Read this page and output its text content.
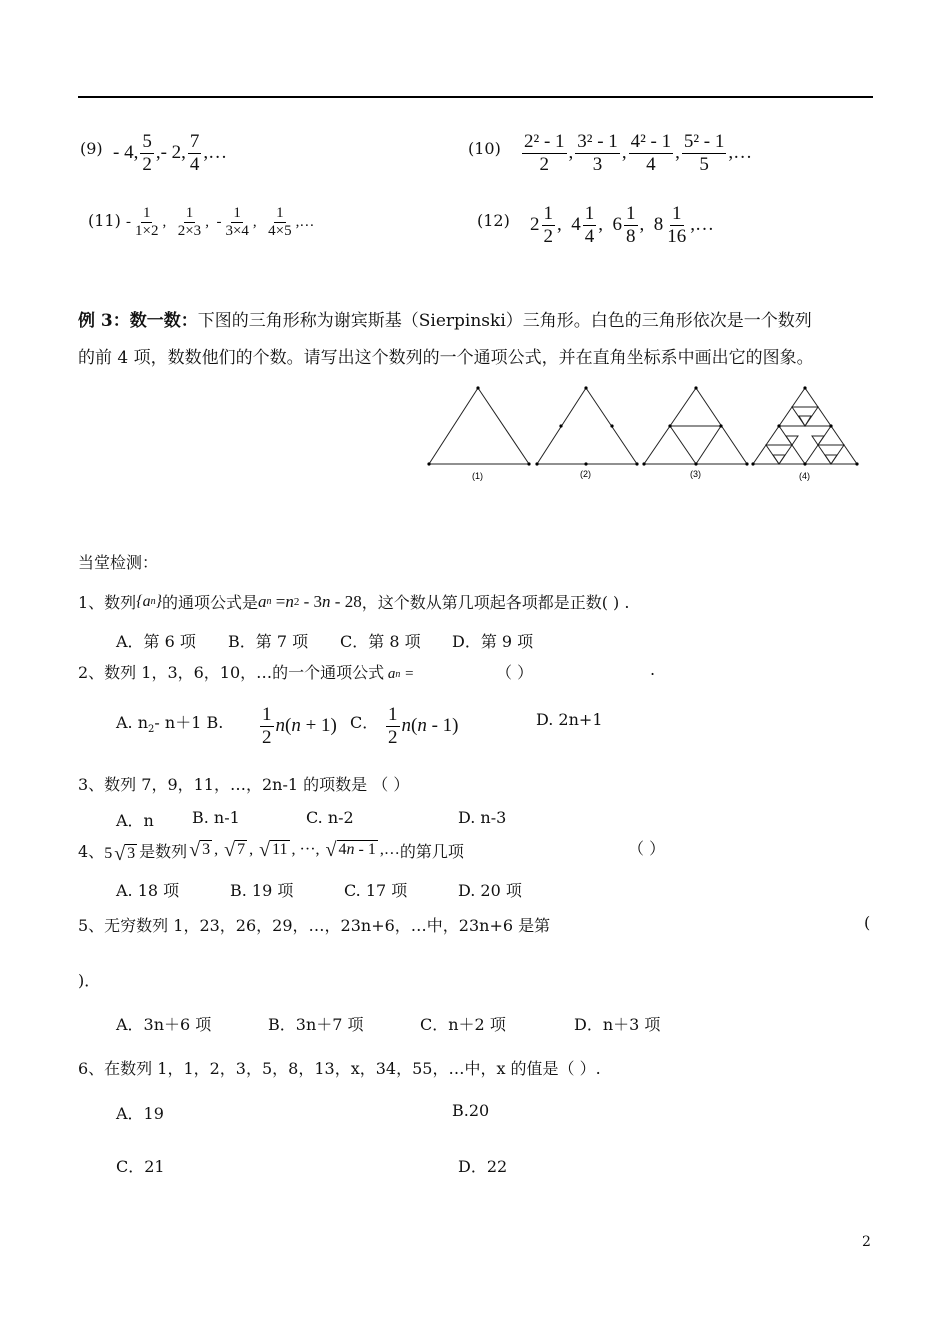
(9) - 4, $\frac{5}{2}$ ,- 2, $\frac{7}{4}$ ,…	$(10) \frac{\text{2² - 1}}{2}$ , $\frac{\text{3² - 1}}{3}$ , $\frac{\text{4² - 1}}{4}$ , $\frac{\text{5² - 1}}{5}$ ,…
$(11) - \frac{1}{1\times 2}$ , $\frac{1}{2\times 3}$ ,  - $\frac{1}{3\times 4}$ , $\frac{1}{4\times 5}$ ,…	(12) $2 \frac{1}{2}$ , $4 \frac{1}{4}$ , $6 \frac{1}{8}$ , $8 \frac{1}{16}$ ,…
例 3：数一数：下图的三角形称为谢宾斯基（Sierpinski）三角形。白色的三角形依次是一个数列
的前 4 项，数数他们的个数。请写出这个数列的一个通项公式，并在直角坐标系中画出它的图象。
(1)	(2)	(3)	(4)
当堂检测：
1、数列 {a n } 的通项公式是 a n = n 2 - 3 n - 28 ，这个数从第几项起各项都是正数( ) .
A．第 6 项 B．第 7 项 C．第 8 项 D．第 9 项
2、数列 1，3，6，10，…的一个通项公式 a n =	（ ）	.
A. $n_2-$ n＋1 B. $\frac{1}{2}$ n ( n + 1) C． $\frac{1}{2}$ n ( n - 1)	D. 2n+1
3、数列 7，9，11，…，2n-1 的项数是 （ ）
A．n B. n-1	C. n-2	D. n-3
4、 5 √ 3 是数列 √ 3 , √ 7 , √ 11 , ···, √ 4n - 1 ,… 的第几项	（ ）
A. 18 项	B. 19 项	C. 17 项	D. 20 项
5、无穷数列 1，23，26，29，…，23n+6，…中，23n+6 是第	(
)．
A．3n＋6 项	B．3n＋7 项	C．n＋2 项	D．n＋3 项
6、在数列 1，1，2，3，5，8，13，x，34，55，…中，x 的值是（ ）.
A．19	B.20
C．21	D．22
2
